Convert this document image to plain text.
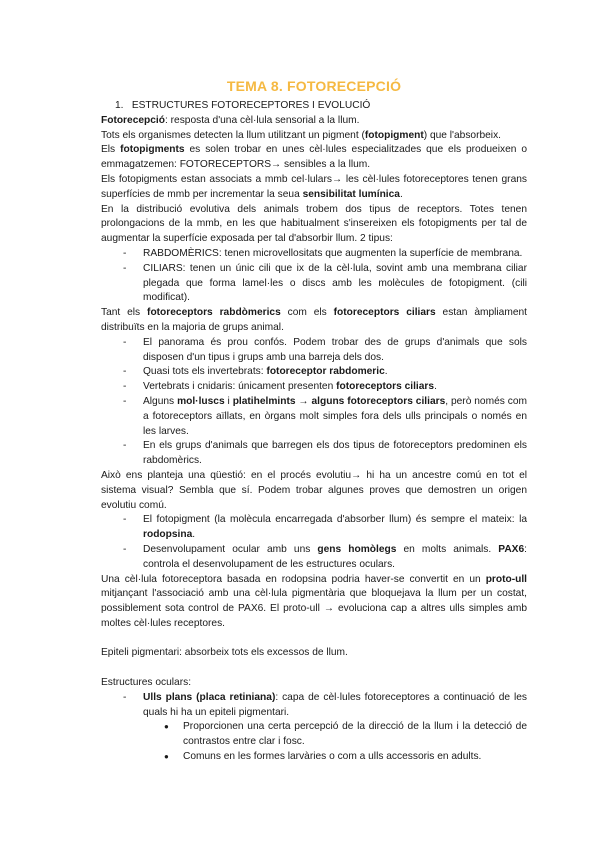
TEMA 8. FOTORECEPCIÓ
1. ESTRUCTURES FOTORECEPTORES I EVOLUCIÓ

Fotorecepció: resposta d'una cèl·lula sensorial a la llum.

Tots els organismes detecten la llum utilitzant un pigment (fotopigment) que l'absorbeix.

Els fotopigments es solen trobar en unes cèl·lules especialitzades que els produeixen o emmagatzemen: FOTORECEPTORS→ sensibles a la llum.

Els fotopigments estan associats a mmb cel·lulars→ les cèl·lules fotoreceptores tenen grans superfícies de mmb per incrementar la seua sensibilitat lumínica.

En la distribució evolutiva dels animals trobem dos tipus de receptors. Totes tenen prolongacions de la mmb, en les que habitualment s'insereixen els fotopigments per tal de augmentar la superfície exposada per tal d'absorbir llum. 2 tipus:

- RABDOMÈRICS: tenen microvellositats que augmenten la superfície de membrana.
- CILIARS: tenen un únic cili que ix de la cèl·lula, sovint amb una membrana ciliar plegada que forma lamel·les o discs amb les molècules de fotopigment. (cili modificat).

Tant els fotoreceptors rabdòmerics com els fotoreceptors ciliars estan àmpliament distribuïts en la majoria de grups animal.

- El panorama és prou confós. Podem trobar des de grups d'animals que sols disposen d'un tipus i grups amb una barreja dels dos.
- Quasi tots els invertebrats: fotoreceptor rabdomeric.
- Vertebrats i cnidaris: únicament presenten fotoreceptors ciliars.
- Alguns mol·luscs i platihelmints → alguns fotoreceptors ciliars, però només com a fotoreceptors aïllats, en òrgans molt simples fora dels ulls principals o només en les larves.
- En els grups d'animals que barregen els dos tipus de fotoreceptors predominen els rabdomèrics.

Això ens planteja una qüestió: en el procés evolutiu→ hi ha un ancestre comú en tot el sistema visual? Sembla que sí. Podem trobar algunes proves que demostren un origen evolutiu comú.

- El fotopigment (la molècula encarregada d'absorber llum) és sempre el mateix: la rodopsina.
- Desenvolupament ocular amb uns gens homòlegs en molts animals. PAX6: controla el desenvolupament de les estructures oculars.

Una cèl·lula fotoreceptora basada en rodopsina podria haver-se convertit en un proto-ull mitjançant l'associació amb una cèl·lula pigmentària que bloquejava la llum per un costat, possiblement sota control de PAX6. El proto-ull → evoluciona cap a altres ulls simples amb moltes cèl·lules receptores.

Epiteli pigmentari: absorbeix tots els excessos de llum.

Estructures oculars:

- Ulls plans (placa retiniana): capa de cèl·lules fotoreceptores a continuació de les quals hi ha un epiteli pigmentari.
● Proporcionen una certa percepció de la direcció de la llum i la detecció de contrastos entre clar i fosc.
● Comuns en les formes larvàries o com a ulls accessoris en adults.
